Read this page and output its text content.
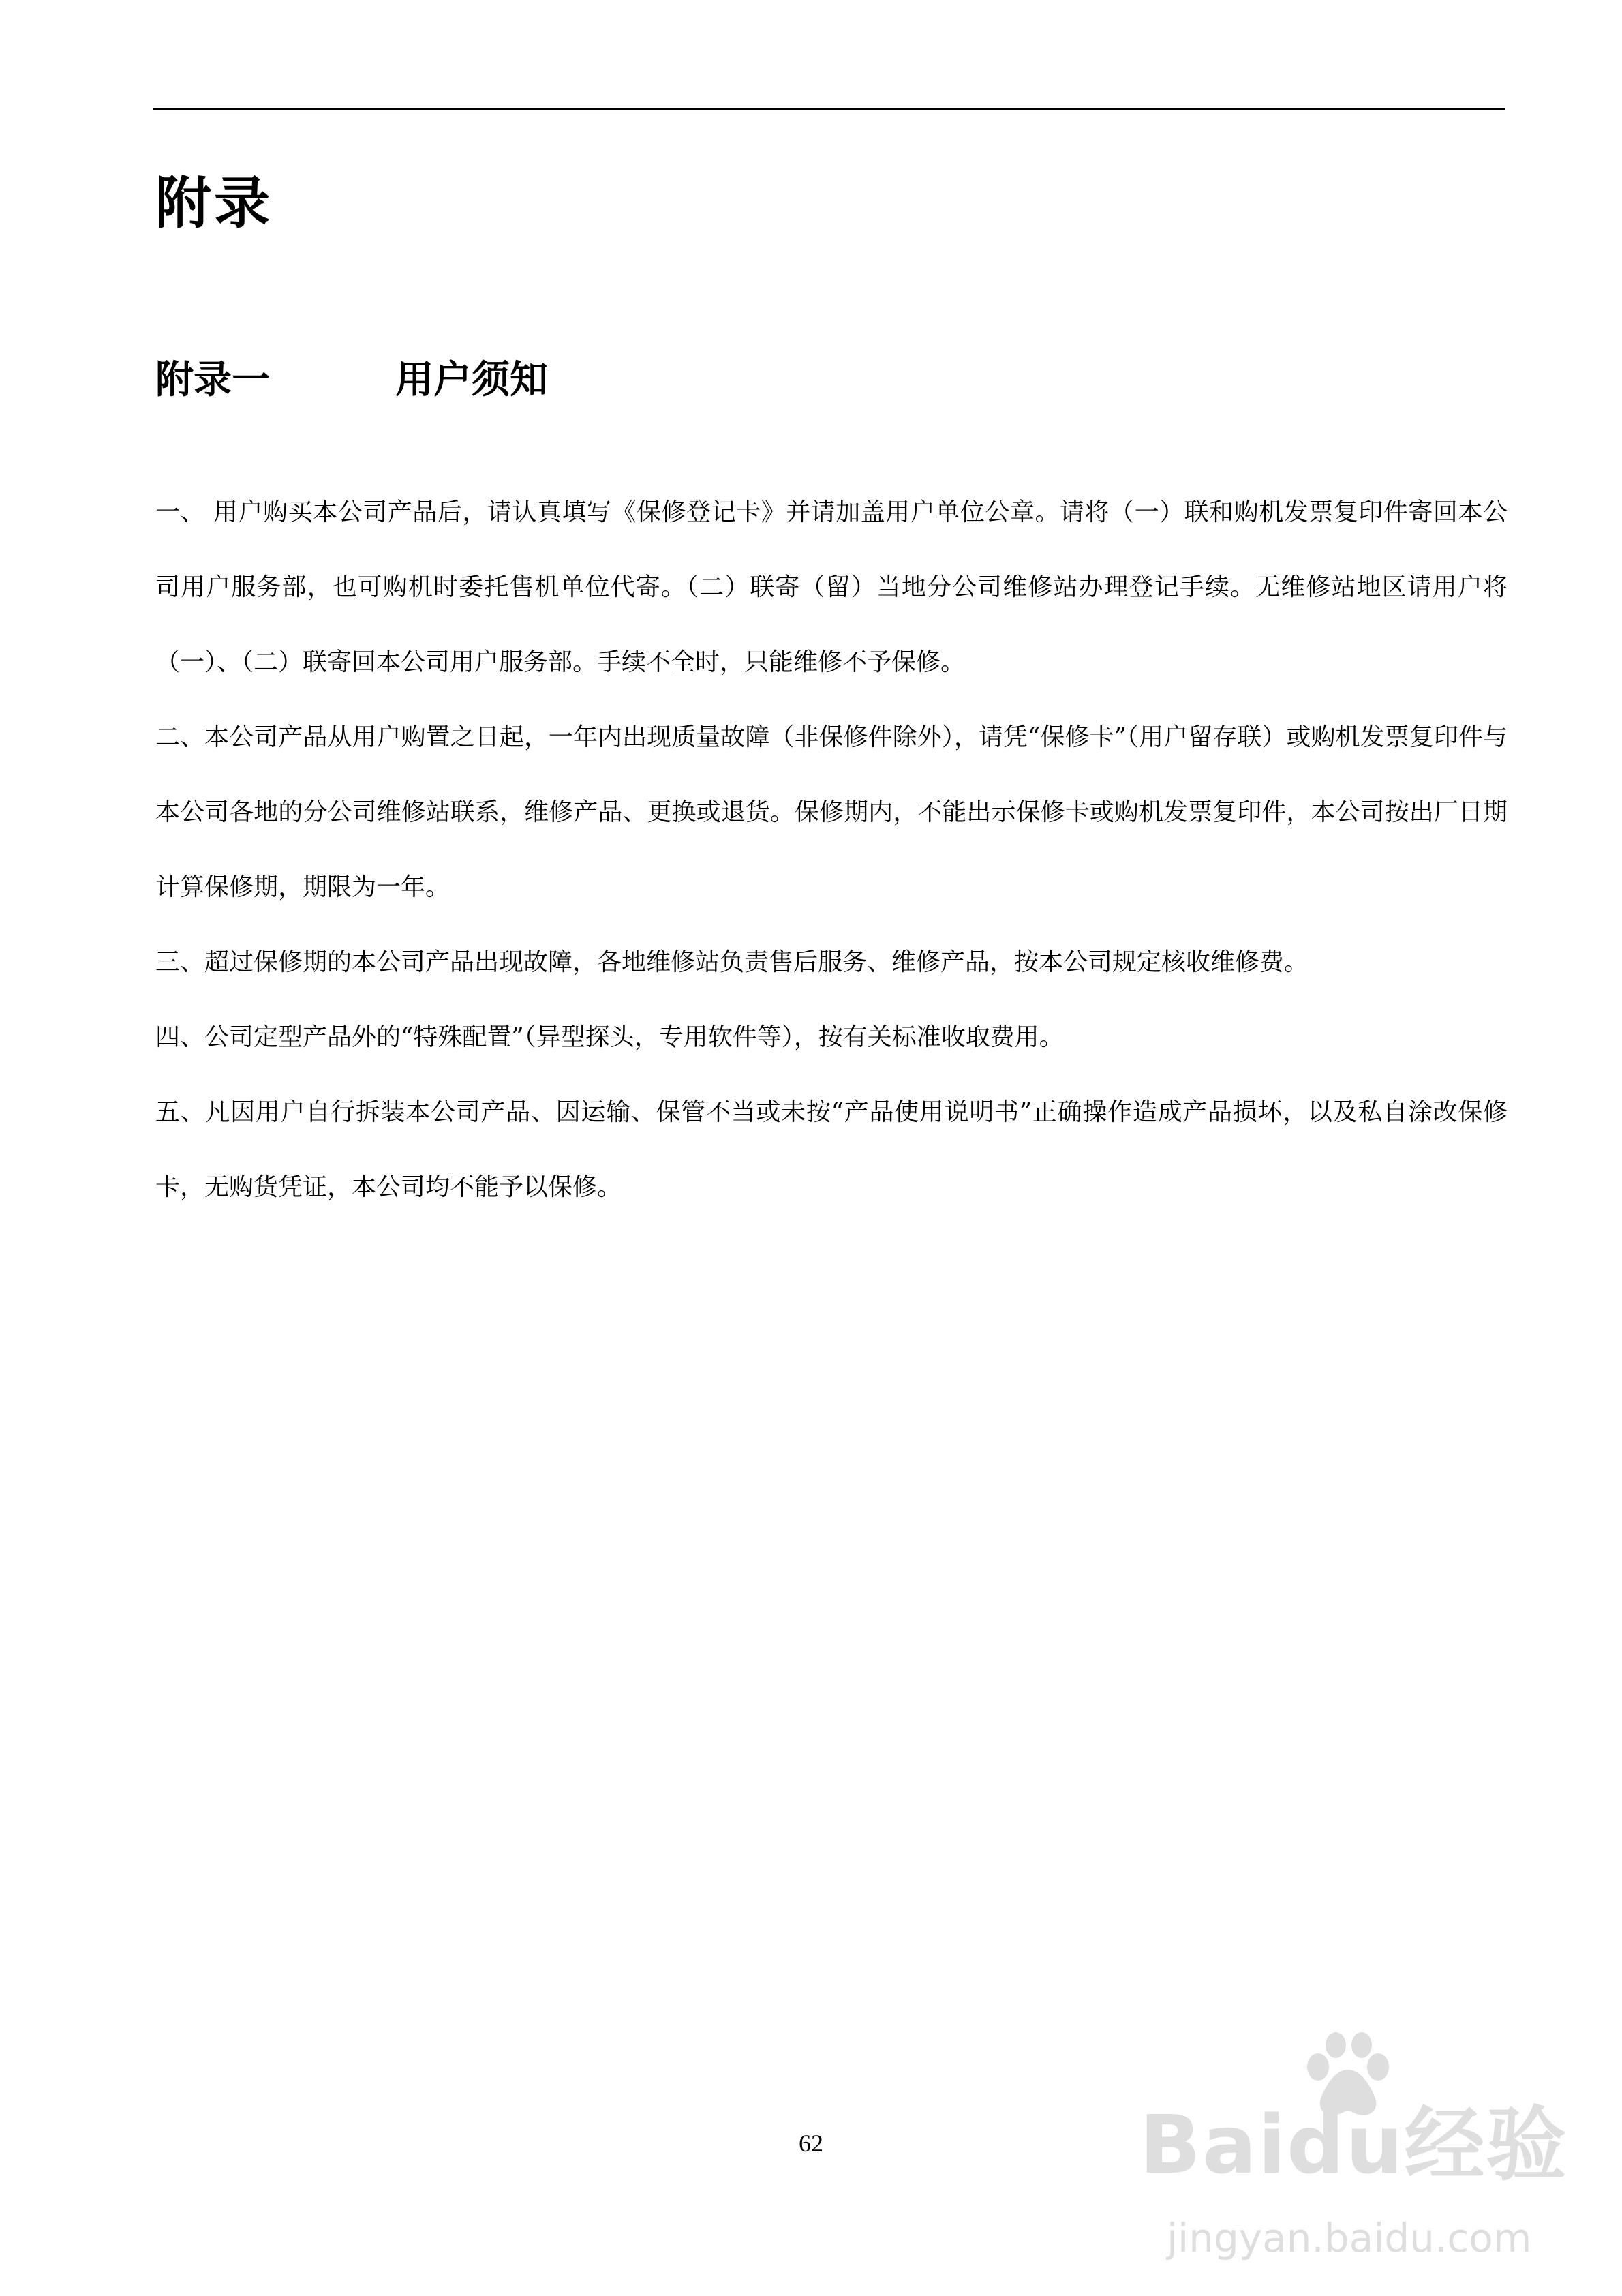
附录
附录一	用户须知

一、 用户购买本公司产品后，请认真填写《保修登记卡》并请加盖用户单位公章。请将（一）联和购机发票复印件寄回本公司用户服务部，也可购机时委托售机单位代寄。（二）联寄（留）当地分公司维修站办理登记手续。无维修站地区请用户将（一）、（二）联寄回本公司用户服务部。手续不全时，只能维修不予保修。

二、本公司产品从用户购置之日起，一年内出现质量故障（非保修件除外），请凭“保修卡”（用户留存联）或购机发票复印件与本公司各地的分公司维修站联系，维修产品、更换或退货。保修期内，不能出示保修卡或购机发票复印件，本公司按出厂日期计算保修期，期限为一年。

三、超过保修期的本公司产品出现故障，各地维修站负责售后服务、维修产品，按本公司规定核收维修费。

四、公司定型产品外的“特殊配置”（异型探头，专用软件等），按有关标准收取费用。

五、凡因用户自行拆装本公司产品、因运输、保管不当或未按“产品使用说明书”正确操作造成产品损坏，以及私自涂改保修卡，无购货凭证，本公司均不能予以保修。

62	Baidu经验
jingyan.baidu.com
